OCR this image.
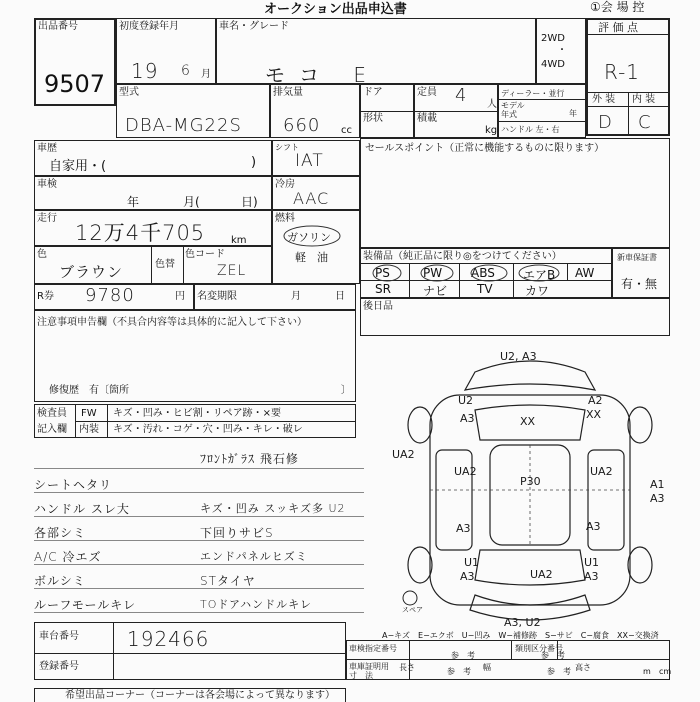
オークション出品申込書	①会 場 控
出品番号
9507
初度登録年月
19 6 月
車名・グレード
モコ E
2WD
・
4WD
評 価 点
R-1
外 装 内 装
D C
型式
DBA-MG22S
排気量
660 cc
ドア
形状
定員 4 人
積載
kg
ディーラー・並行
モデル
年式	年
ハンドル 左・右
車歴
自家用・(	)
車検
年	月(	日)
走行
12万4千705	km
色
ブラウン	色替
色コード
ZEL
R券 9780	円 名変期限	月	日
シフト
IAT
冷房
AAC
燃料
ガソリン
軽　油
セールスポイント（正常に機能するものに限ります）
装備品（純正品に限り◎をつけてください）
PS	PW ABS エアB AW
SR	ナビ TV	カワ
新車保証書
有・無
後日品
注意事項申告欄（不具合内容等は具体的に記入して下さい）
修復歴　有〔箇所	〕
検査員
記入欄
FW キズ・凹み・ヒビ割・リペア跡・×要
内装 キズ・汚れ・コゲ・穴・凹み・キレ・破レ
ﾌﾛﾝﾄｶﾞﾗｽ 飛石修
シートヘタリ
ハンドル スレ大	キズ・凹み スッキズ多 U2
各部シミ	下回りサビS
A/C 冷エズ	エンドパネルヒズミ
ボルシミ	STタイヤ
ルーフモールキレ	TOドアハンドルキレ
U2, A3
XX
U2
A3
A2
XX
UA2
UA2	UA2
P30	A1
A3
A3	A3
U1
A3	UA2
U1
A3
A3, U2
スペア
A−キズ　E−エクボ　U−凹み　W−補修跡　S−サビ　C−腐食　XX−交換済
車台番号 192466
登録番号
車検指定番号
参　考
類別区分番号
参　考
車庫証明用
寸　法
長さ	幅	高さ
参　考	参　考	m cm
希望出品コーナー（コーナーは各会場によって異なります）
